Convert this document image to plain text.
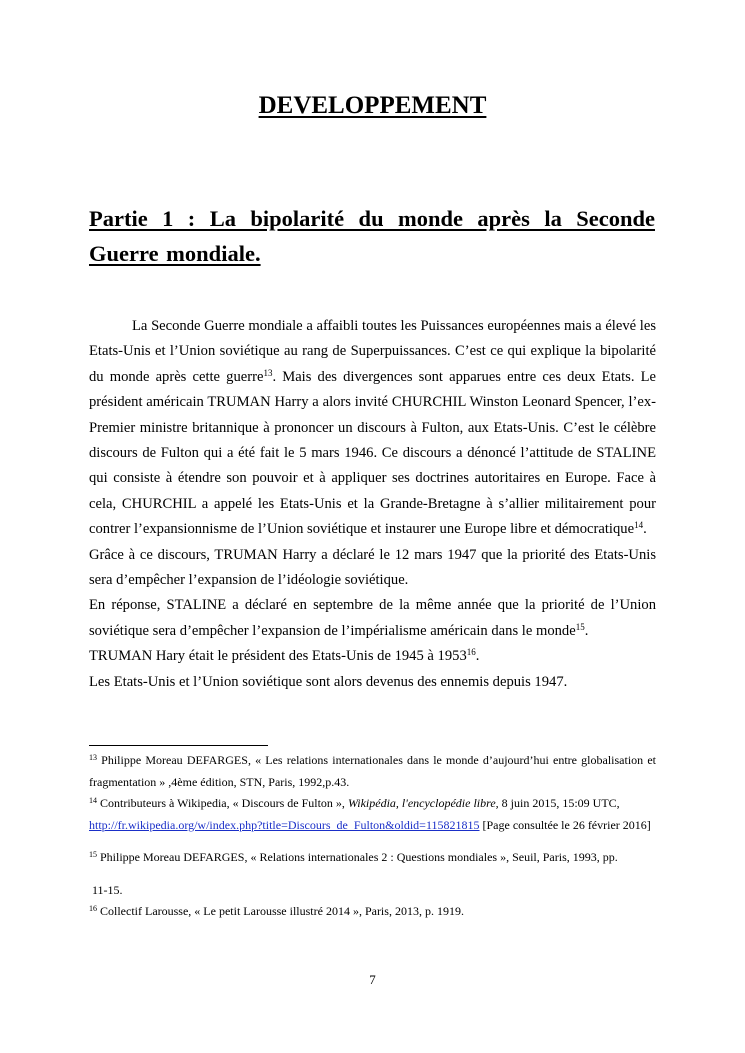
DEVELOPPEMENT
Partie 1 : La bipolarité du monde après la Seconde Guerre mondiale.

La Seconde Guerre mondiale a affaibli toutes les Puissances européennes mais a élevé les Etats-Unis et l’Union soviétique au rang de Superpuissances. C’est ce qui explique la bipolarité du monde après cette guerre$^{13}$. Mais des divergences sont apparues entre ces deux Etats. Le président américain TRUMAN Harry a alors invité CHURCHIL Winston Leonard Spencer, l’ex-Premier ministre britannique à prononcer un discours à Fulton, aux Etats-Unis. C’est le célèbre discours de Fulton qui a été fait le 5 mars 1946. Ce discours a dénoncé l’attitude de STALINE qui consiste à étendre son pouvoir et à appliquer ses doctrines autoritaires en Europe. Face à cela, CHURCHIL a appelé les Etats-Unis et la Grande-Bretagne à s’allier militairement pour contrer l’expansionnisme de l’Union soviétique et instaurer une Europe libre et démocratique$^{14}$.

Grâce à ce discours, TRUMAN Harry a déclaré le 12 mars 1947 que la priorité des Etats-Unis sera d’empêcher l’expansion de l’idéologie soviétique.

En réponse, STALINE a déclaré en septembre de la même année que la priorité de l’Union soviétique sera d’empêcher l’expansion de l’impérialisme américain dans le monde$^{15}$.

TRUMAN Hary était le président des Etats-Unis de 1945 à 1953$^{16}$.

Les Etats-Unis et l’Union soviétique sont alors devenus des ennemis depuis 1947.

$^{13}$ Philippe Moreau DEFARGES, « Les relations internationales dans le monde d’aujourd’hui entre globalisation et fragmentation » ,4ème édition, STN, Paris, 1992,p.43.

$^{14}$ Contributeurs à Wikipedia, « Discours de Fulton », Wikipédia, l'encyclopédie libre, 8 juin 2015, 15:09 UTC, http://fr.wikipedia.org/w/index.php?title=Discours_de_Fulton&oldid=115821815 [Page consultée le 26 février 2016]

$^{15}$ Philippe Moreau DEFARGES, « Relations internationales 2 : Questions mondiales », Seuil, Paris, 1993, pp.

11-15.

$^{16}$ Collectif Larousse, « Le petit Larousse illustré 2014 », Paris, 2013, p. 1919.

7
